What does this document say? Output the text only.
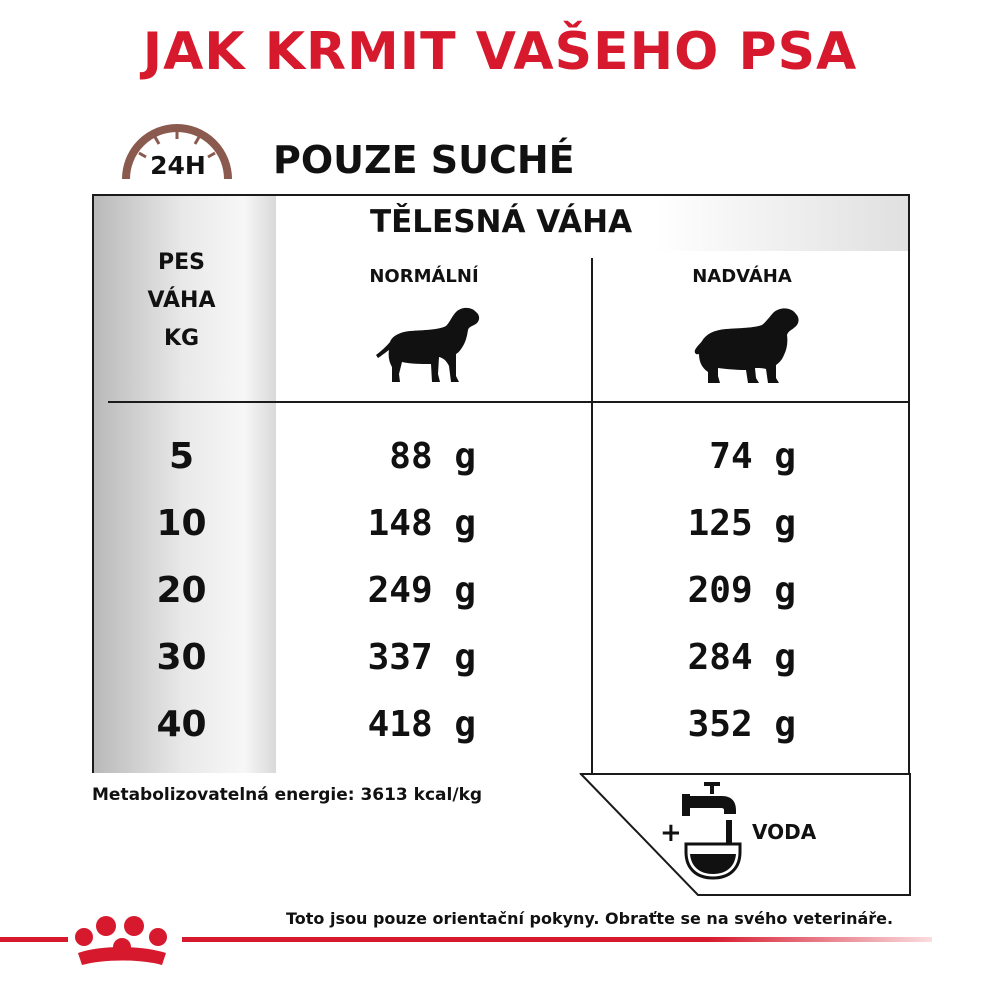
JAK KRMIT VAŠEHO PSA
24H POUZE SUCHÉ
TĚLESNÁ VÁHA
PES
VÁHA
KG
NORMÁLNÍ	NADVÁHA
5	88 g	74 g
10	148 g	125 g
20	249 g	209 g
30	337 g	284 g
40	418 g	352 g
Metabolizovatelná energie: 3613 kcal/kg
+	VODA
Toto jsou pouze orientační pokyny. Obraťte se na svého veterináře.
